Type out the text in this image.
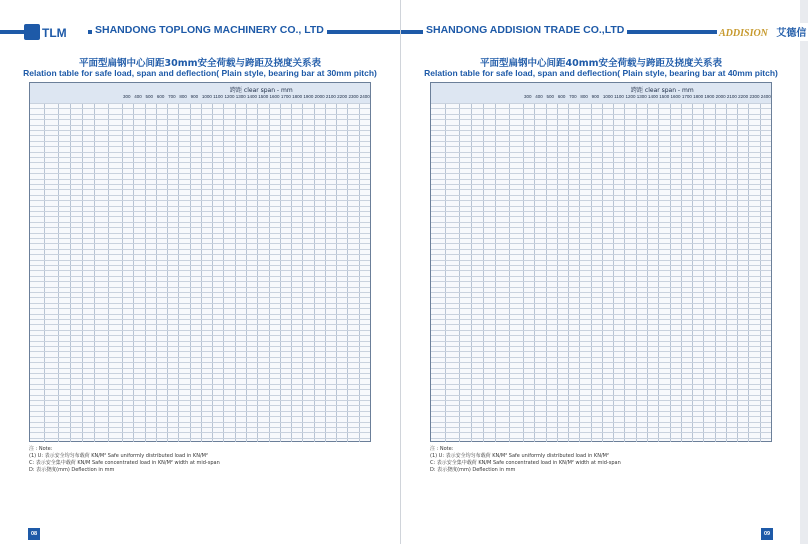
TLM	SHANDONG TOPLONG MACHINERY CO., LTD
平面型扁钢中心间距30mm安全荷载与跨距及挠度关系表
Relation table for safe load, span and deflection( Plain style, bearing bar at 30mm pitch)
跨距 clear span - mm
300 400 500 600 700 800 900 1000 1100 1200 1300 1400 1500 1600 1700 1800 1900 2000 2100 2200 2300 2400
注 : Note:
(1) U: 表示安全均匀布载荷 KN/M² Safe uniformly distributed load in KN/M²
C: 表示安全集中载荷 KN/M Safe concentrated load in KN/M² width at mid-span
D: 表示挠度(mm) Deflection in mm
08
SHANDONG ADDISION TRADE CO.,LTD	ADDISION 艾德信
平面型扁钢中心间距40mm安全荷载与跨距及挠度关系表
Relation table for safe load, span and deflection( Plain style, bearing bar at 40mm pitch)
跨距 clear span - mm
300 400 500 600 700 800 900 1000 1100 1200 1300 1400 1500 1600 1700 1800 1900 2000 2100 2200 2300 2400
注 : Note:
(1) U: 表示安全均匀布载荷 KN/M² Safe uniformly distributed load in KN/M²
C: 表示安全集中载荷 KN/M Safe concentrated load in KN/M² width at mid-span
D: 表示挠度(mm) Deflection in mm
09
